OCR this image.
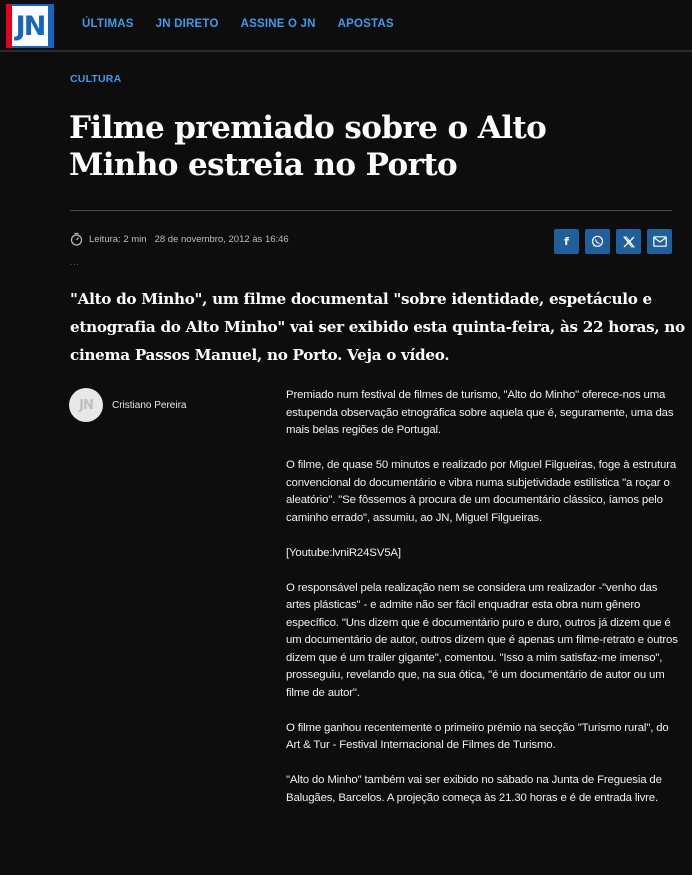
JN	ÚLTIMAS JN DIRETO ASSINE O JN APOSTAS
CULTURA
Filme premiado sobre o Alto Minho estreia no Porto
Leitura: 2 min 28 de novembro, 2012 às 16:46
...
f

"Alto do Minho", um filme documental "sobre identidade, espetáculo e etnografia do Alto Minho" vai ser exibido esta quinta-feira, às 22 horas, no cinema Passos Manuel, no Porto. Veja o vídeo.

JN Cristiano Pereira

Premiado num festival de filmes de turismo, "Alto do Minho" oferece-nos uma estupenda observação etnográfica sobre aquela que é, seguramente, uma das mais belas regiões de Portugal.

O filme, de quase 50 minutos e realizado por Miguel Filgueiras, foge à estrutura convencional do documentário e vibra numa subjetividade estilística "a roçar o aleatório". "Se fôssemos à procura de um documentário clássico, íamos pelo caminho errado", assumiu, ao JN, Miguel Filgueiras.

[Youtube:lvniR24SV5A]

O responsável pela realização nem se considera um realizador -"venho das artes plásticas" - e admite não ser fácil enquadrar esta obra num gênero específico. "Uns dizem que é documentário puro e duro, outros já dizem que é um documentário de autor, outros dizem que é apenas um filme-retrato e outros dizem que é um trailer gigante", comentou. "Isso a mim satisfaz-me imenso", prosseguiu, revelando que, na sua ótica, "é um documentário de autor ou um filme de autor".

O filme ganhou recentemente o primeiro prémio na secção "Turismo rural", do Art & Tur - Festival Internacional de Filmes de Turismo.

"Alto do Minho" também vai ser exibido no sábado na Junta de Freguesia de Balugães, Barcelos. A projeção começa às 21.30 horas e é de entrada livre.
